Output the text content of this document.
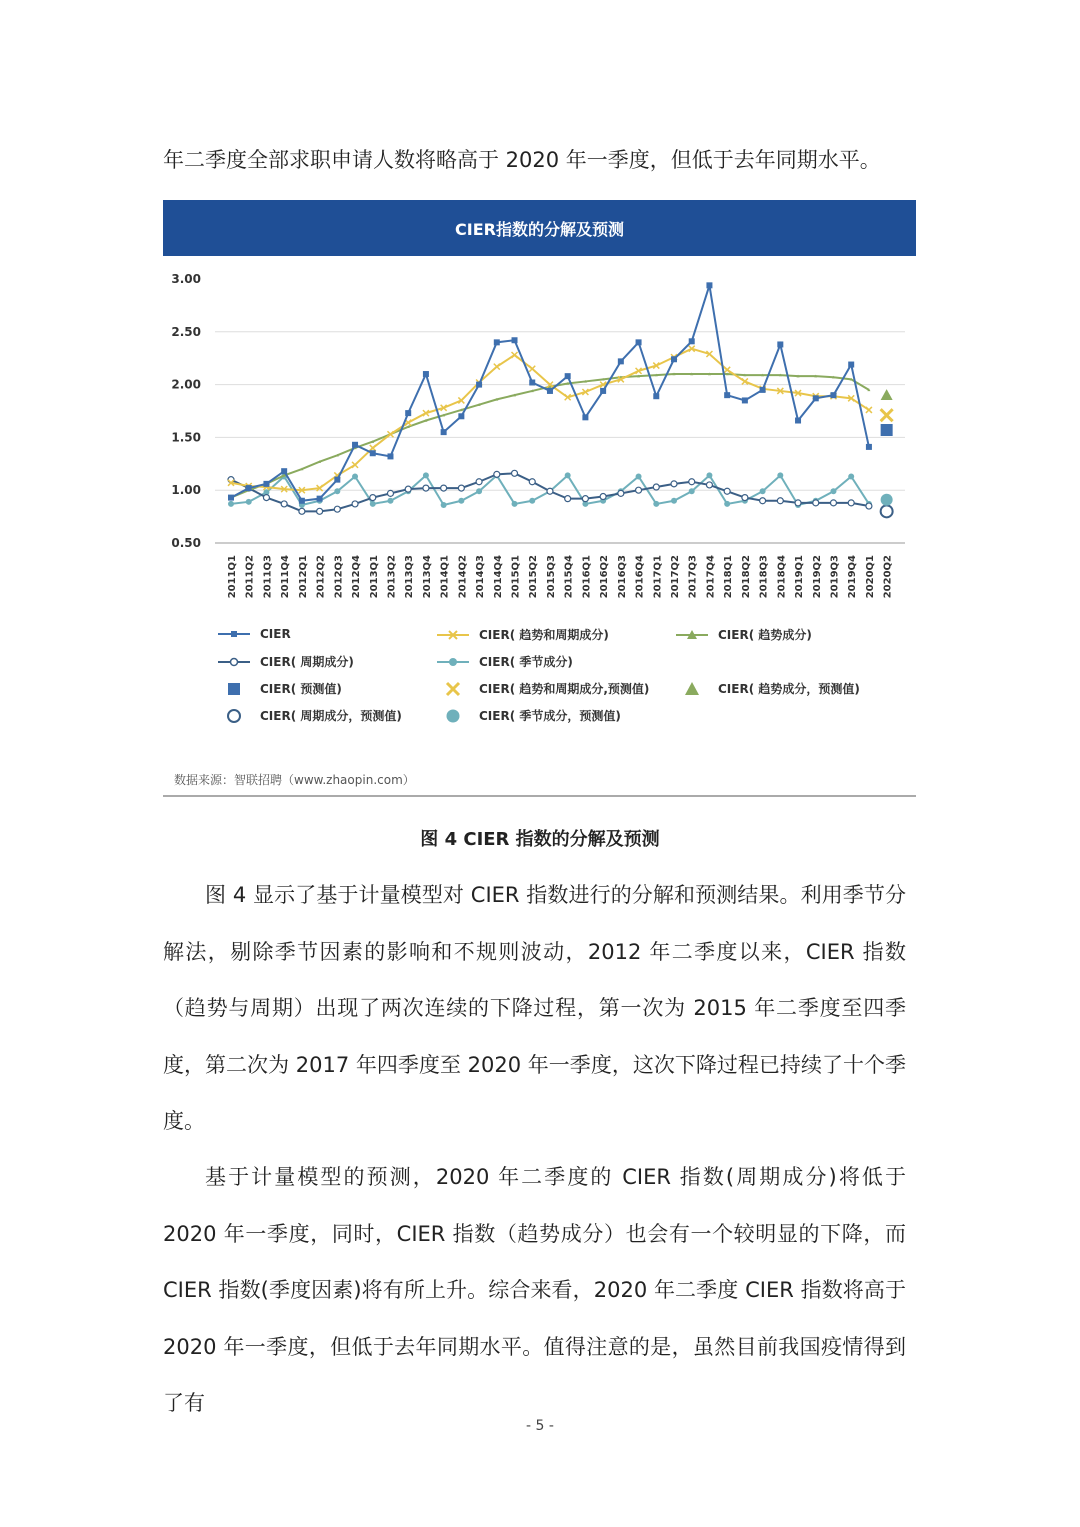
年二季度全部求职申请人数将略高于 2020 年一季度，但低于去年同期水平。
CIER指数的分解及预测
3.00
2.50
2.00
1.50
1.00
0.50
2011Q1 2011Q2 2011Q3 2011Q4 2012Q1 2012Q2 2012Q3 2012Q4 2013Q1 2013Q2 2013Q3 2013Q4 2014Q1 2014Q2 2014Q3 2014Q4 2015Q1 2015Q2 2015Q3 2015Q4 2016Q1 2016Q2 2016Q3 2016Q4 2017Q1 2017Q2 2017Q3 2017Q4 2018Q1 2018Q2 2018Q3 2018Q4 2019Q1 2019Q2 2019Q3 2019Q4 2020Q1 2020Q2
CIER	CIER( 趋势和周期成分)	CIER( 趋势成分)
CIER( 周期成分)	CIER( 季节成分)
CIER( 预测值)	CIER( 趋势和周期成分,预测值)	CIER( 趋势成分，预测值)
CIER( 周期成分，预测值)	CIER( 季节成分，预测值)
数据来源：智联招聘（www.zhaopin.com）
图 4 CIER 指数的分解及预测
图 4 显示了基于计量模型对 CIER 指数进行的分解和预测结果。利用季节分解法，剔除季节因素的影响和不规则波动，2012 年二季度以来，CIER 指数（趋势与周期）出现了两次连续的下降过程，第一次为 2015 年二季度至四季度，第二次为 2017 年四季度至 2020 年一季度，这次下降过程已持续了十个季度。
基于计量模型的预测，2020 年二季度的 CIER 指数(周期成分)将低于 2020 年一季度，同时，CIER 指数（趋势成分）也会有一个较明显的下降，而 CIER 指数(季度因素)将有所上升。综合来看，2020 年二季度 CIER 指数将高于 2020 年一季度，但低于去年同期水平。值得注意的是，虽然目前我国疫情得到了有
- 5 -
